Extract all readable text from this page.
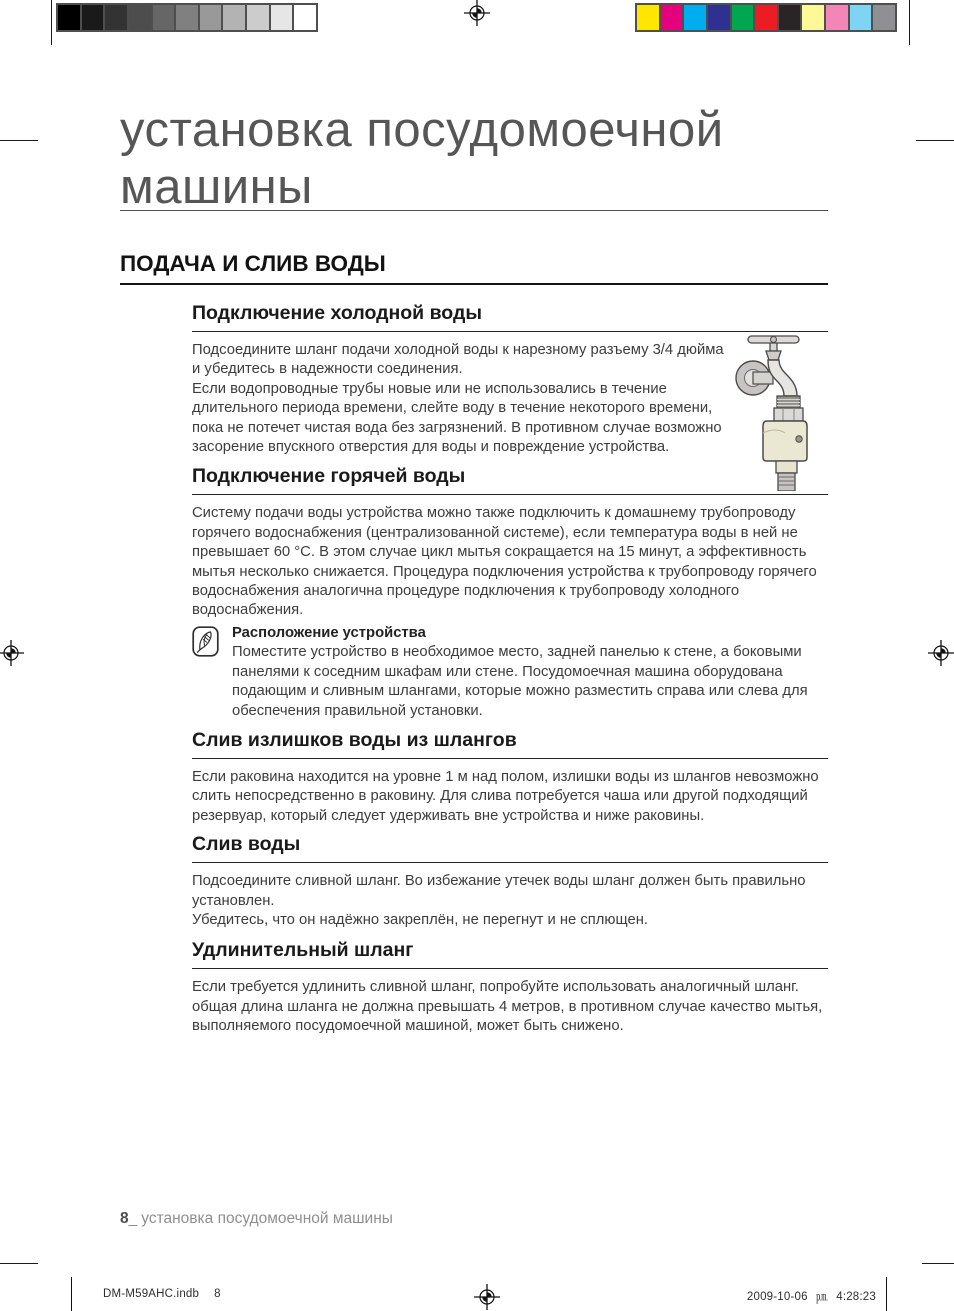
установка посудомоечной
машины
ПОДАЧА И СЛИВ ВОДЫ
Подключение холодной воды

Подсоедините шланг подачи холодной воды к нарезному разъему 3/4 дюйма и убедитесь в надежности соединения.

Если водопроводные трубы новые или не использовались в течение длительного периода времени, слейте воду в течение некоторого времени, пока не потечет чистая вода без загрязнений. В противном случае возможно засорение впускного отверстия для воды и повреждение устройства.

Подключение горячей воды

Систему подачи воды устройства можно также подключить к домашнему трубопроводу горячего водоснабжения (централизованной системе), если температура воды в ней не превышает 60 °C. В этом случае цикл мытья сокращается на 15 минут, а эффективность мытья несколько снижается. Процедура подключения устройства к трубопроводу горячего водоснабжения аналогична процедуре подключения к трубопроводу холодного водоснабжения.

Расположение устройства
Поместите устройство в необходимое место, задней панелью к стене, а боковыми панелями к соседним шкафам или стене. Посудомоечная машина оборудована подающим и сливным шлангами, которые можно разместить справа или слева для обеспечения правильной установки.
Слив излишков воды из шлангов

Если раковина находится на уровне 1 м над полом, излишки воды из шлангов невозможно слить непосредственно в раковину. Для слива потребуется чаша или другой подходящий резервуар, который следует удерживать вне устройства и ниже раковины.

Слив воды

Подсоедините сливной шланг. Во избежание утечек воды шланг должен быть правильно установлен.

Убедитесь, что он надёжно закреплён, не перегнут и не сплющен.

Удлинительный шланг

Если требуется удлинить сливной шланг, попробуйте использовать аналогичный шланг. общая длина шланга не должна превышать 4 метров, в противном случае качество мытья, выполняемого посудомоечной машиной, может быть снижено.

8_ установка посудомоечной машины
DM-M59AHC.indb 8	2009-10-06 ㏘ 4:28:23
